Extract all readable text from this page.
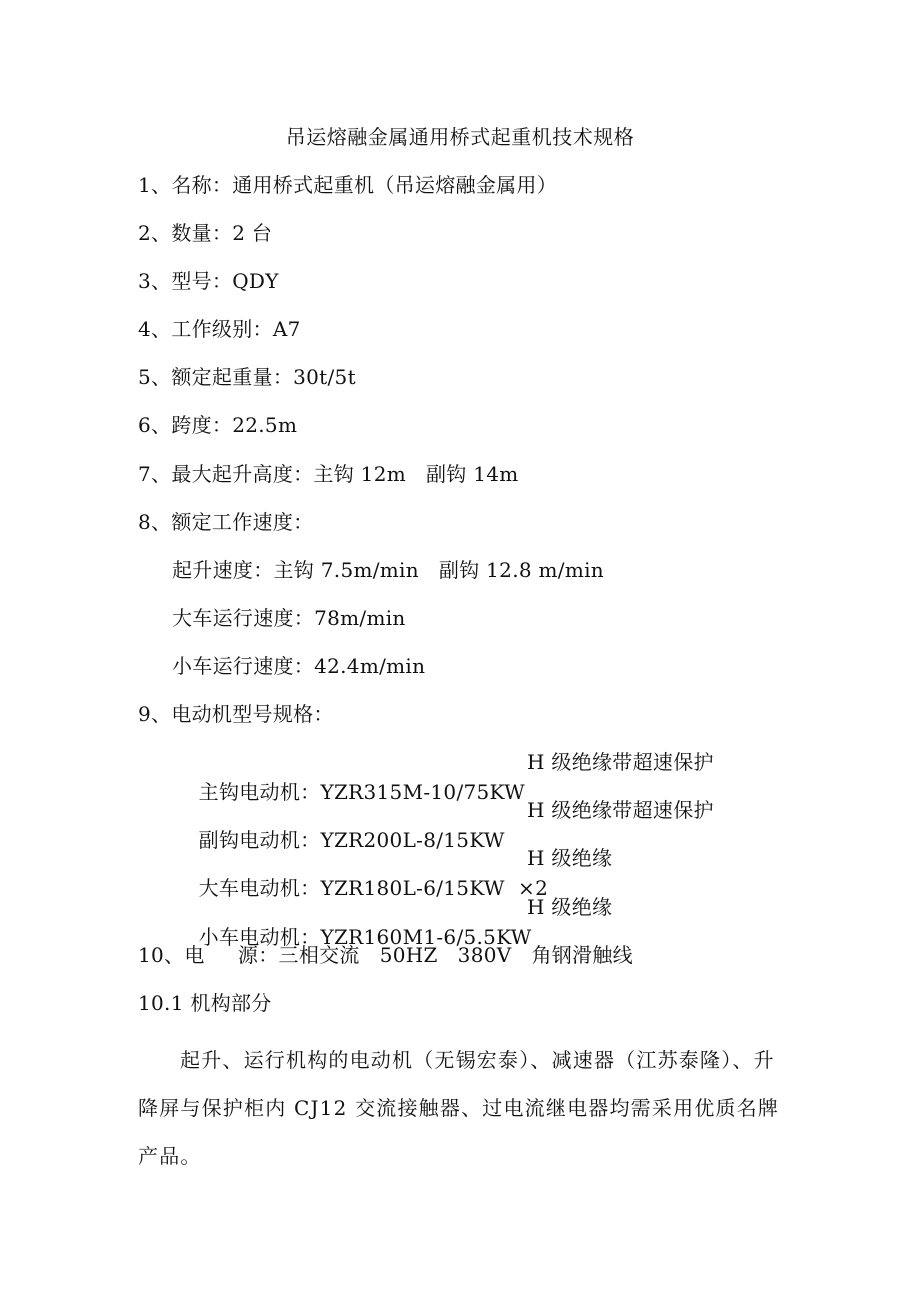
吊运熔融金属通用桥式起重机技术规格
1、名称：通用桥式起重机（吊运熔融金属用）
2、数量：2 台
3、型号：QDY
4、工作级别：A7
5、额定起重量：30t/5t
6、跨度：22.5m
7、最大起升高度：主钩 12m   副钩 14m
8、额定工作速度：
起升速度：主钩 7.5m/min   副钩 12.8 m/min
大车运行速度：78m/min
小车运行速度：42.4m/min
9、电动机型号规格：

主钩电动机：YZR315M-10/75KW

H 级绝缘带超速保护

副钩电动机：YZR200L-8/15KW

H 级绝缘带超速保护

大车电动机：YZR180L-6/15KW  ×2

H 级绝缘

小车电动机：YZR160M1-6/5.5KW

H 级绝缘

10、电     源：三相交流   50HZ   380V   角钢滑触线
10.1 机构部分
起升、运行机构的电动机（无锡宏泰）、减速器（江苏泰隆）、升降屏与保护柜内 CJ12 交流接触器、过电流继电器均需采用优质名牌产品。
